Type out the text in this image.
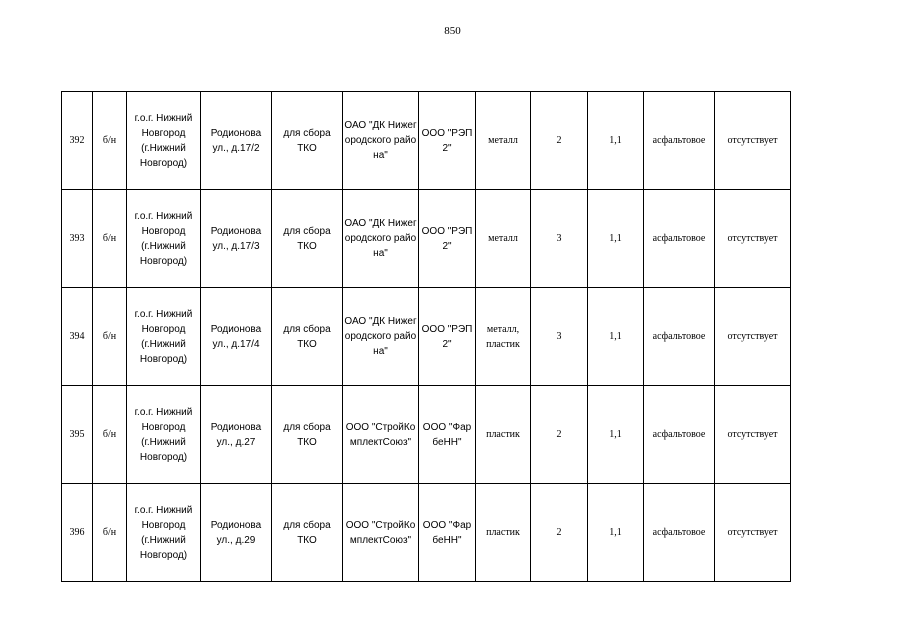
850
392	б/н	г.о.г. Нижний Новгород (г.Нижний Новгород)	Родионова ул., д.17/2	для сбора ТКО	ОАО "ДК Нижегородского района"	ООО "РЭП2"	металл	2	1,1	асфальтовое	отсутствует
393	б/н	г.о.г. Нижний Новгород (г.Нижний Новгород)	Родионова ул., д.17/3	для сбора ТКО	ОАО "ДК Нижегородского района"	ООО "РЭП2"	металл	3	1,1	асфальтовое	отсутствует
394	б/н	г.о.г. Нижний Новгород (г.Нижний Новгород)	Родионова ул., д.17/4	для сбора ТКО	ОАО "ДК Нижегородского района"	ООО "РЭП2"	металл, пластик	3	1,1	асфальтовое	отсутствует
395	б/н	г.о.г. Нижний Новгород (г.Нижний Новгород)	Родионова ул., д.27	для сбора ТКО	ООО "СтройКомплектСоюз"	ООО "ФарбеНН"	пластик	2	1,1	асфальтовое	отсутствует
396	б/н	г.о.г. Нижний Новгород (г.Нижний Новгород)	Родионова ул., д.29	для сбора ТКО	ООО "СтройКомплектСоюз"	ООО "ФарбеНН"	пластик	2	1,1	асфальтовое	отсутствует
